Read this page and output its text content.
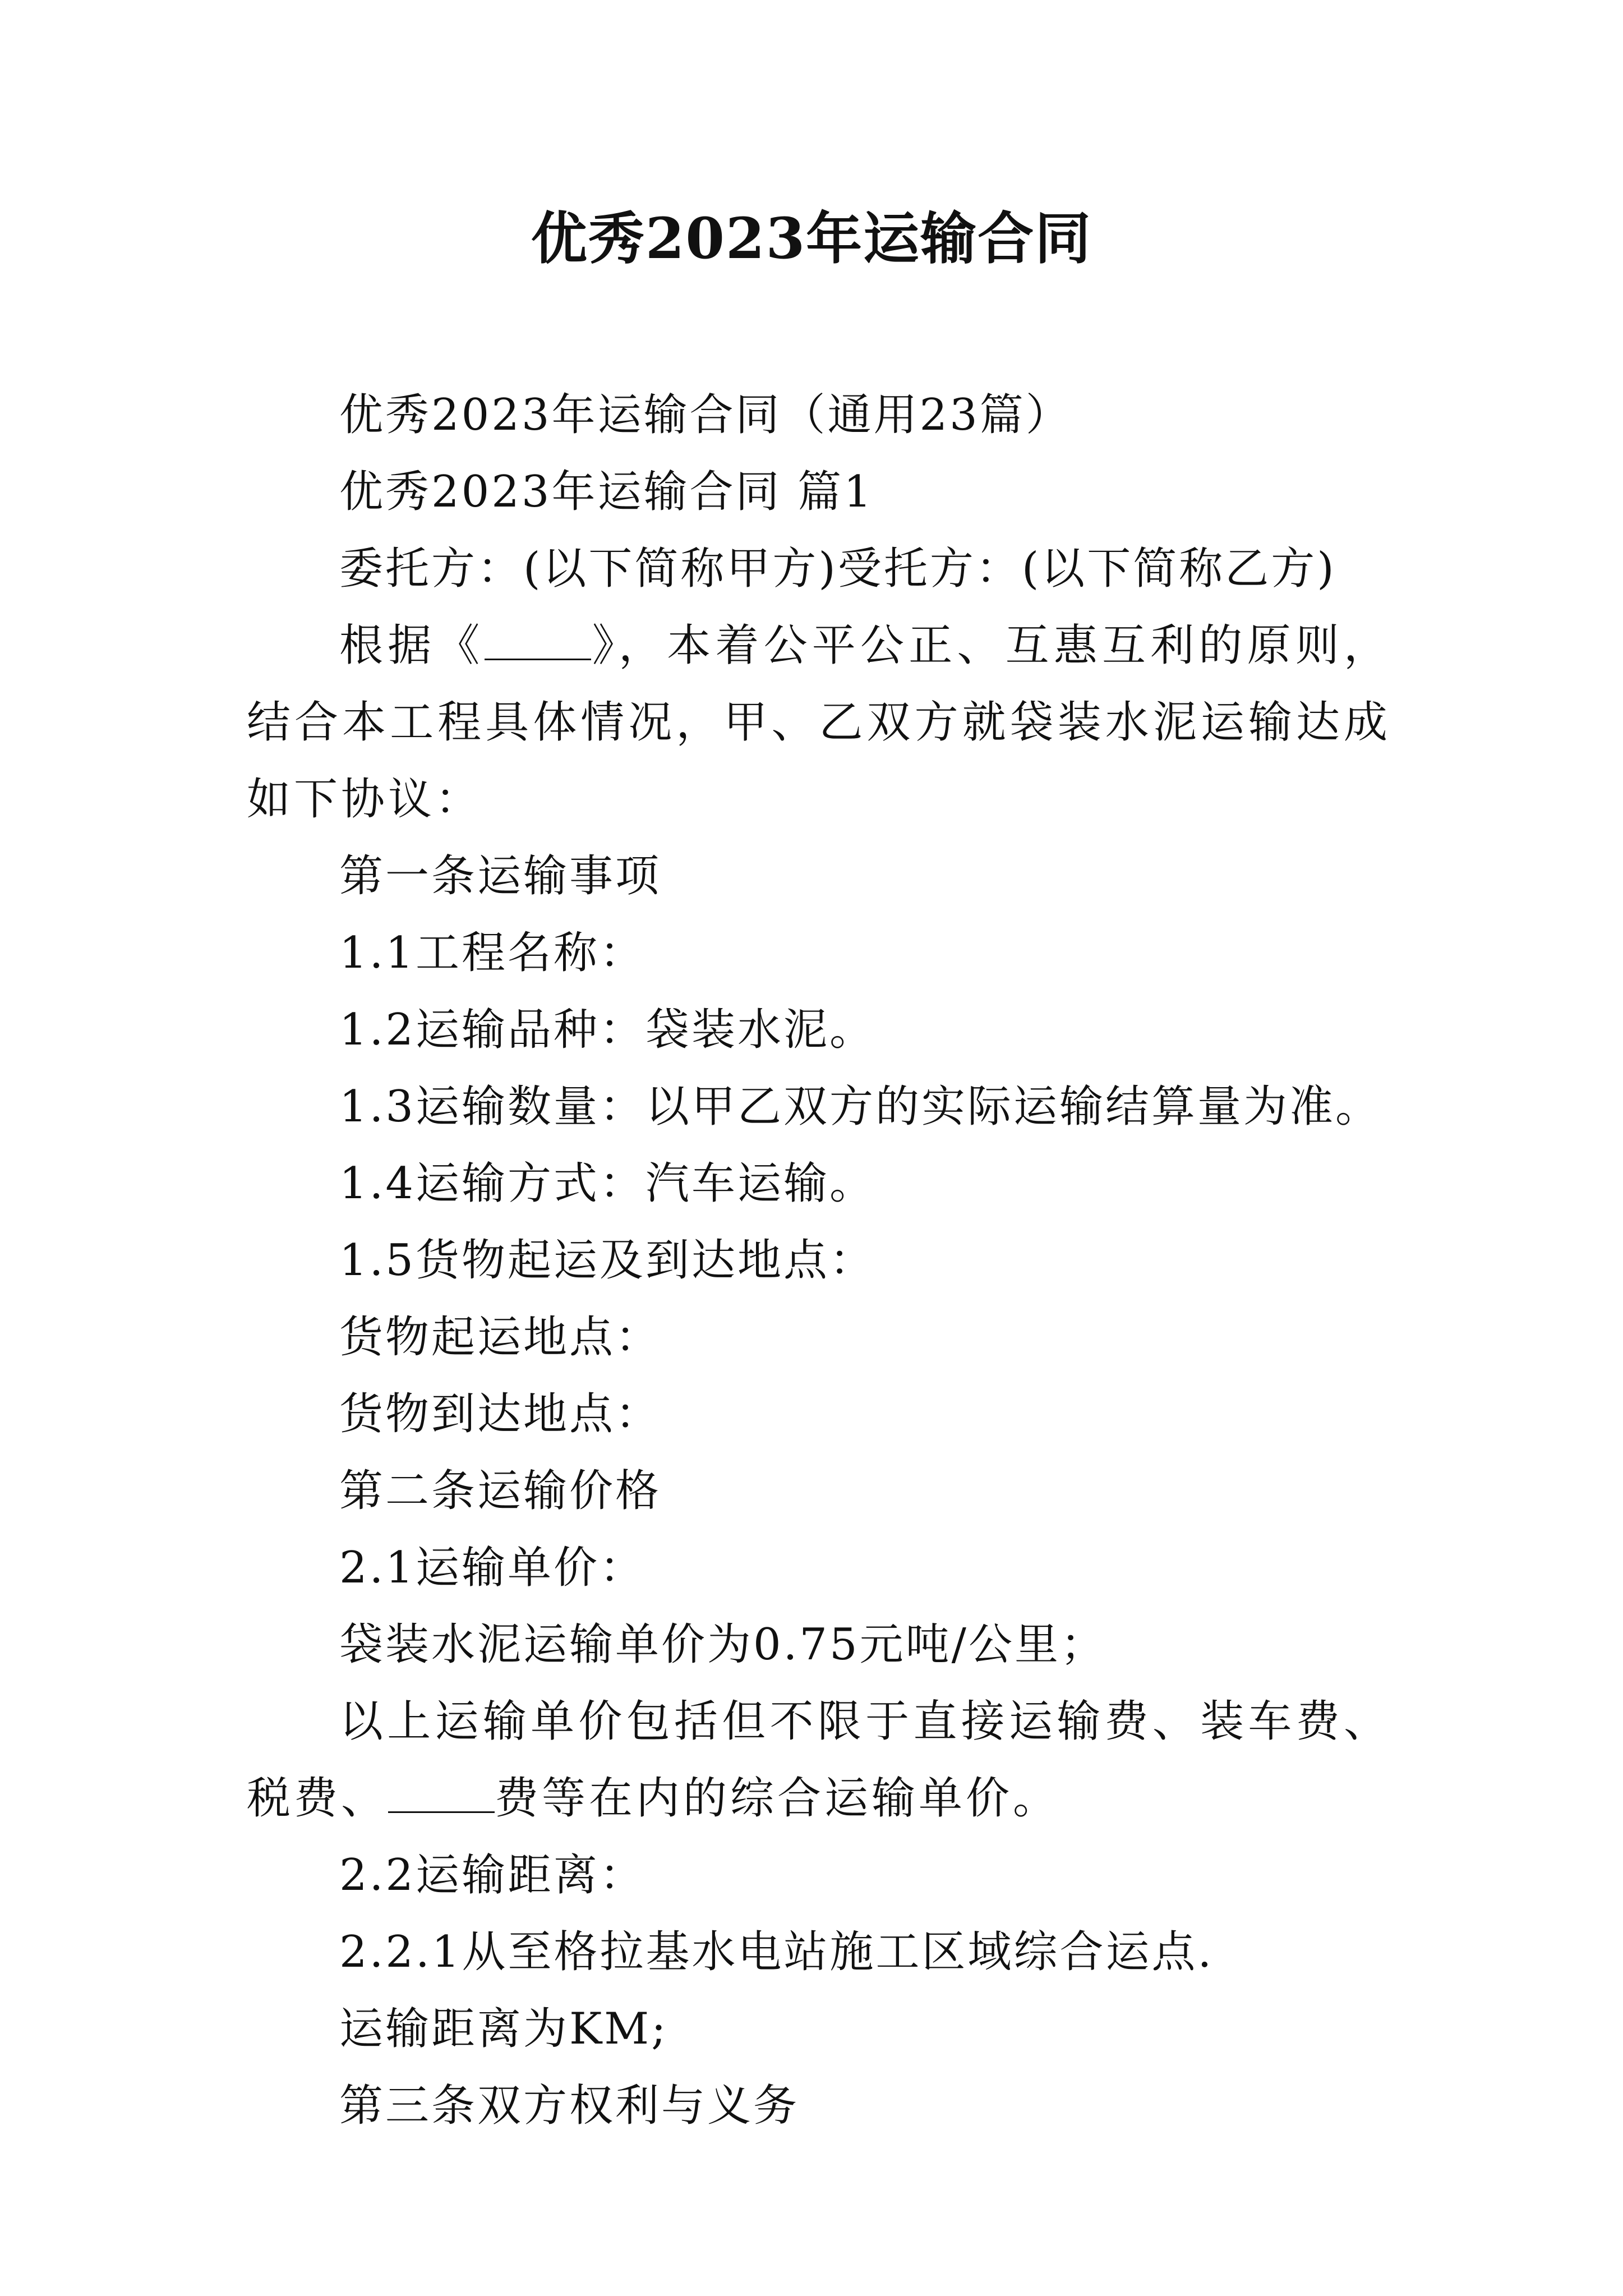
优秀2023年运输合同

优秀2023年运输合同（通用23篇）

优秀2023年运输合同 篇1

委托方：(以下简称甲方)受托方：(以下简称乙方)

根据《 》，本着公平公正、互惠互利的原则，结合本工程具体情况，甲、乙双方就袋装水泥运输达成如下协议：

第一条运输事项

1.1工程名称：

1.2运输品种：袋装水泥。

1.3运输数量：以甲乙双方的实际运输结算量为准。

1.4运输方式：汽车运输。

1.5货物起运及到达地点：

货物起运地点：

货物到达地点：

第二条运输价格

2.1运输单价：

袋装水泥运输单价为0.75元吨/公里；

以上运输单价包括但不限于直接运输费、装车费、税费、 费等在内的综合运输单价。

2.2运输距离：

2.2.1从至格拉基水电站施工区域综合运点.

运输距离为KM;

第三条双方权利与义务
